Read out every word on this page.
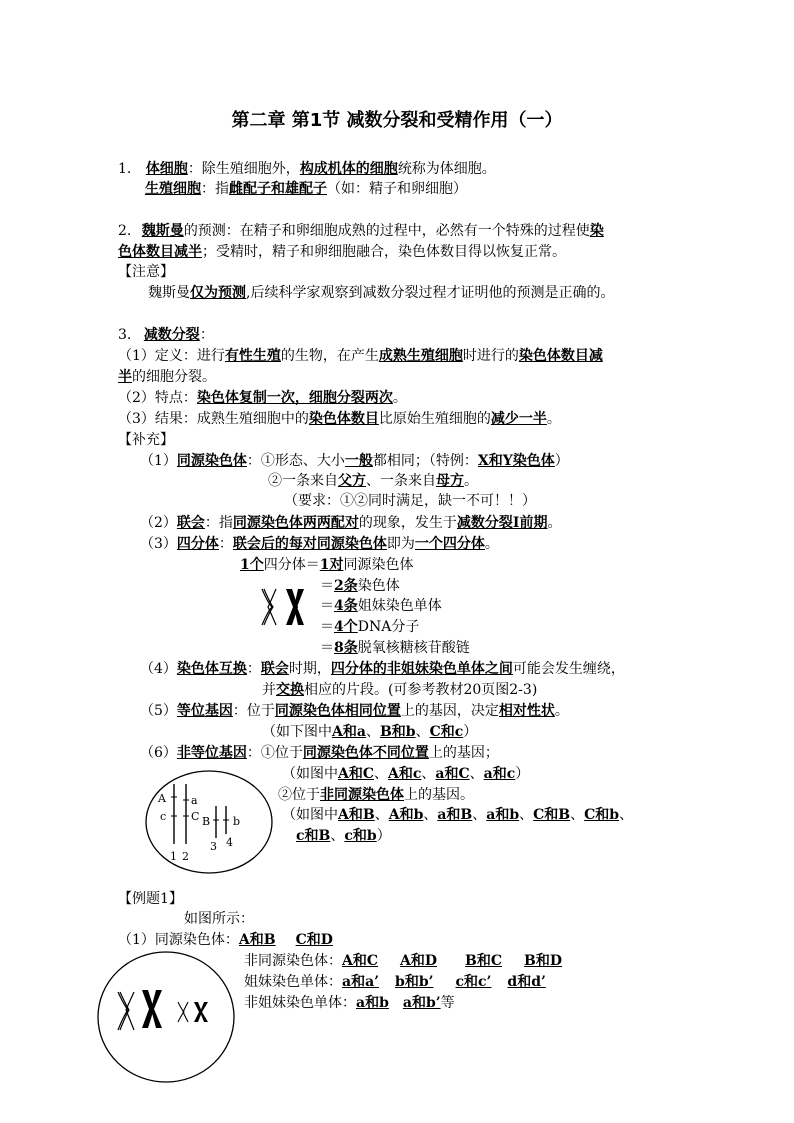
第二章 第1节 减数分裂和受精作用（一）
1. 体细胞：除生殖细胞外，构成机体的细胞统称为体细胞。
生殖细胞：指雌配子和雄配子（如：精子和卵细胞）
2. 魏斯曼的预测：在精子和卵细胞成熟的过程中，必然有一个特殊的过程使染
色体数目减半；受精时，精子和卵细胞融合，染色体数目得以恢复正常。
【注意】
魏斯曼仅为预测,后续科学家观察到减数分裂过程才证明他的预测是正确的。
3. 减数分裂：
（1）定义：进行有性生殖的生物，在产生成熟生殖细胞时进行的染色体数目减
半的细胞分裂。
（2）特点：染色体复制一次，细胞分裂两次。
（3）结果：成熟生殖细胞中的染色体数目比原始生殖细胞的减少一半。
【补充】
（1）同源染色体：①形态、大小一般都相同；（特例：X和Y染色体）
②一条来自父方、一条来自母方。
（要求：①②同时满足，缺一不可！！）
（2）联会：指同源染色体两两配对的现象，发生于减数分裂Ⅰ前期。
（3）四分体：联会后的每对同源染色体即为一个四分体。
1个四分体＝1对同源染色体
＝2条染色体
＝4条姐妹染色单体
＝4个DNA分子
＝8条脱氧核糖核苷酸链
（4）染色体互换：联会时期，四分体的非姐妹染色单体之间可能会发生缠绕，
并交换相应的片段。(可参考教材20页图2-3)
（5）等位基因：位于同源染色体相同位置上的基因，决定相对性状。
（如下图中A和a、B和b、C和c）
（6）非等位基因：①位于同源染色体不同位置上的基因；
（如图中A和C、A和c、a和C、a和c）
②位于非同源染色体上的基因。
（如图中A和B、A和b、a和B、a和b、C和B、C和b、
c和B、c和b）
A a
c C B b
1 2
3 4
【例题1】
如图所示：
（1）同源染色体：A和B C和D
非同源染色体：A和C A和D B和C B和D
姐妹染色单体：a和a’ b和b’ c和c’ d和d’
非姐妹染色单体：a和b a和b’等
